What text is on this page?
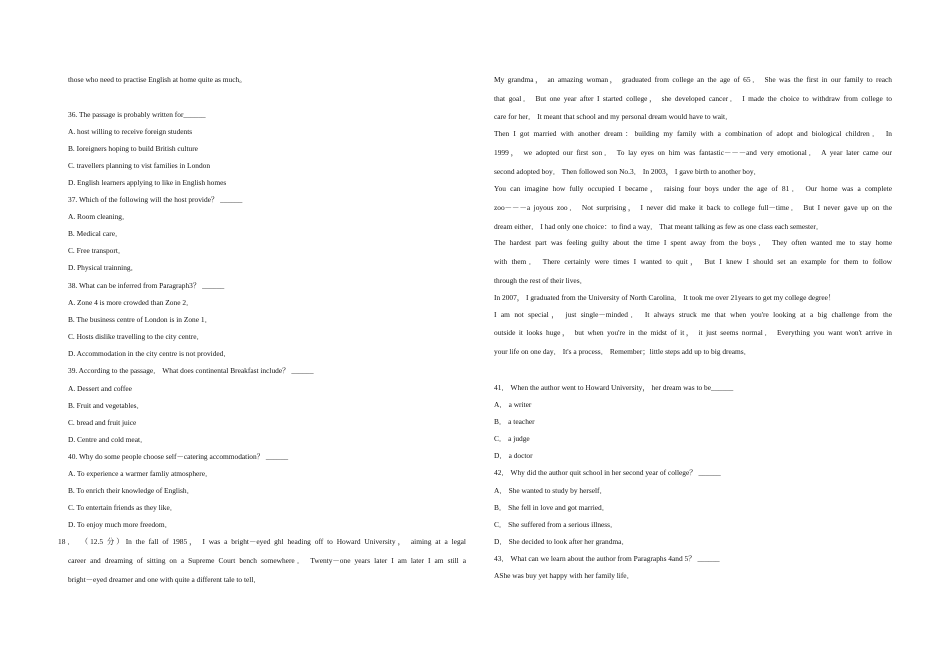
those who need to practise English at home quite as much。
36. The passage is probably written for______
A. host willing to receive foreign students
B. Ioreigners hoping to build British culture
C. travellers planning to vist families in London
D. English learners applying to like in English homes
37. Which of the following will the host provide？ ______
A. Room cleaning．
B. Medical care．
C. Free transport．
D. Physical trainning．
38. What can be inferred from Paragraph3？ ______
A. Zone 4 is more crowded than Zone 2．
B. The business centre of London is in Zone 1．
C. Hosts dislike travelling to the city centre．
D. Accommodation in the city centre is not provided．
39. According to the passage． What does continental Breakfast include？ ______
A. Dessert and coffee
B. Fruit and vegetables．
C. bread and fruit juice
D. Centre and cold meat．
40. Why do some people choose self－catering accommodation？ ______
A. To experience a warmer famliy atmosphere．
B. To enrich their knowledge of English．
C. To entertain friends as they like．
D. To enjoy much more freedom．
18． （12.5 分）In the fall of 1985， I was a bright－eyed ghl heading off to Howard University， aiming at a legal
career and dreaming of sitting on a Supreme Court bench somewhere． Twenty－one years later I am later I am still a
bright－eyed dreamer and one with quite a different tale to tell．
My grandma， an amazing woman， graduated from college an the age of 65． She was the first in our family to reach
that goal． But one year after I started college， she developed cancer． I made the choice to withdraw from college to
care for her． It meant that school and my personal dream would have to wait．
Then I got married with another dream：building my family with a combination of adopt and biological children． In
1999， we adopted our first son． To lay eyes on him was fantastic－－－and very emotional． A year later came our
second adopted boy． Then followed son No.3． In 2003， I gave birth to another boy．
You can imagine how fully occupied I became， raising four boys under the age of 81． Our home was a complete
zoo－－－a joyous zoo． Not surprising， I never did make it back to college full－time． But I never gave up on the
dream either． I had only one choice：to find a way． That meant talking as few as one class each semester．
The hardest part was feeling guilty about the time I spent away from the boys． They often wanted me to stay home
with them． There certainly were times I wanted to quit， But I knew I should set an example for them to follow
through the rest of their lives．
In 2007， I graduated from the University of North Carolina． It took me over 21years to get my college degree！
I am not special， just single－minded． It always struck me that when you're looking at a big challenge from the
outside it looks huge， but when you're in the midst of it， it just seems normal． Everything you want won't arrive in
your life on one day． It's a process． Remember；little steps add up to big dreams．
41． When the author went to Howard University， her dream was to be______
A． a writer
B． a teacher
C． a judge
D． a doctor
42． Why did the author quit school in her second year of college？ ______
A． She wanted to study by herself．
B． She fell in love and got married．
C． She suffered from a serious illness．
D． She decided to look after her grandma．
43． What can we learn about the author from Paragraphs 4and 5？ ______
AShe was buy yet happy with her family life．
